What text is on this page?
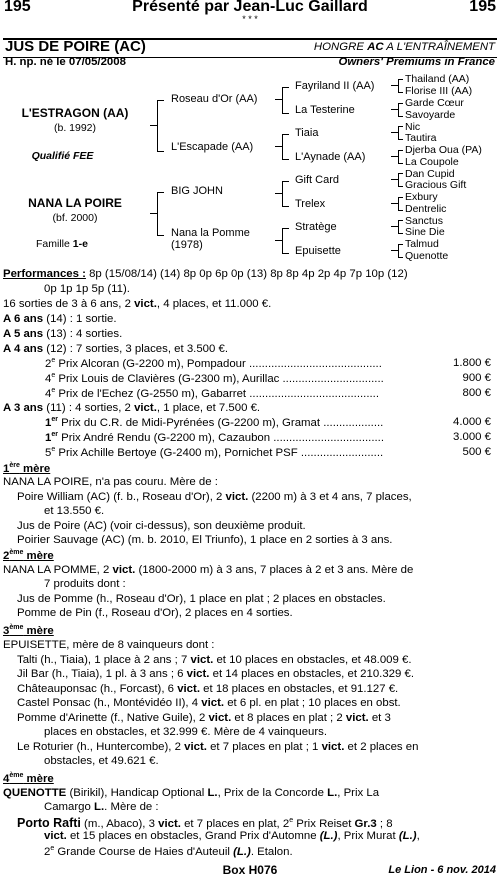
195	Présenté par Jean-Luc Gaillard	195
* * *
JUS DE POIRE (AC)	HONGRE AC A L'ENTRAÎNEMENT
H. np. né le 07/05/2008	Owners' Premiums in France
L'ESTRAGON (AA)
(b. 1992)
Qualifié FEE
NANA LA POIRE
(bf. 2000)
Famille 1-e
Roseau d'Or (AA)
L'Escapade (AA)
BIG JOHN
Nana la Pomme
(1978)
Fayriland II (AA)
La Testerine
Tiaia
L'Aynade (AA)
Gift Card
Trelex
Stratège
Epuisette
Thailand (AA)
Florise III (AA)
Garde Cœur
Savoyarde
Nic
Tautira
Djerba Oua (PA)
La Coupole
Dan Cupid
Gracious Gift
Exbury
Dentrelic
Sanctus
Sine Die
Talmud
Quenotte
Performances : 8p (15/08/14) (14) 8p 0p 6p 0p (13) 8p 8p 4p 2p 4p 7p 10p (12)
0p 1p 1p 5p (11).
16 sorties de 3 à 6 ans, 2 vict., 4 places, et 11.000 €.
A 6 ans (14) : 1 sortie.
A 5 ans (13) : 4 sorties.
A 4 ans (12) : 7 sorties, 3 places, et 3.500 €.
2e Prix Alcoran (G-2200 m), Pompadour ..........................................	1.800 €
4e Prix Louis de Clavières (G-2300 m), Aurillac ................................	900 €
4e Prix de l'Echez (G-2550 m), Gabarret .........................................	800 €
A 3 ans (11) : 4 sorties, 2 vict., 1 place, et 7.500 €.
1er Prix du C.R. de Midi-Pyrénées (G-2200 m), Gramat ...................	4.000 €
1er Prix André Rendu (G-2200 m), Cazaubon ...................................	3.000 €
5e Prix Achille Bertoye (G-2400 m), Pornichet PSF ..........................	500 €
1ère mère
NANA LA POIRE, n'a pas couru. Mère de :
Poire William (AC) (f. b., Roseau d'Or), 2 vict. (2200 m) à 3 et 4 ans, 7 places,
et 13.550 €.
Jus de Poire (AC) (voir ci-dessus), son deuxième produit.
Poirier Sauvage (AC) (m. b. 2010, El Triunfo), 1 place en 2 sorties à 3 ans.
2ème mère
NANA LA POMME, 2 vict. (1800-2000 m) à 3 ans, 7 places à 2 et 3 ans. Mère de
7 produits dont :
Jus de Pomme (h., Roseau d'Or), 1 place en plat ; 2 places en obstacles.
Pomme de Pin (f., Roseau d'Or), 2 places en 4 sorties.
3ème mère
EPUISETTE, mère de 8 vainqueurs dont :
Talti (h., Tiaia), 1 place à 2 ans ; 7 vict. et 10 places en obstacles, et 48.009 €.
Jil Bar (h., Tiaia), 1 pl. à 3 ans ; 6 vict. et 14 places en obstacles, et 210.329 €.
Châteauponsac (h., Forcast), 6 vict. et 18 places en obstacles, et 91.127 €.
Castel Ponsac (h., Montévidéo II), 4 vict. et 6 pl. en plat ; 10 places en obst.
Pomme d'Arinette (f., Native Guile), 2 vict. et 8 places en plat ; 2 vict. et 3
places en obstacles, et 32.999 €. Mère de 4 vainqueurs.
Le Roturier (h., Huntercombe), 2 vict. et 7 places en plat ; 1 vict. et 2 places en
obstacles, et 49.621 €.
4ème mère
QUENOTTE (Birikil), Handicap Optional L., Prix de la Concorde L., Prix La
Camargo L.. Mère de :
Porto Rafti (m., Abaco), 3 vict. et 7 places en plat, 2e Prix Reiset Gr.3 ; 8
vict. et 15 places en obstacles, Grand Prix d'Automne (L.), Prix Murat (L.),
2e Grande Course de Haies d'Auteuil (L.). Etalon.
Box H076	Le Lion - 6 nov. 2014
